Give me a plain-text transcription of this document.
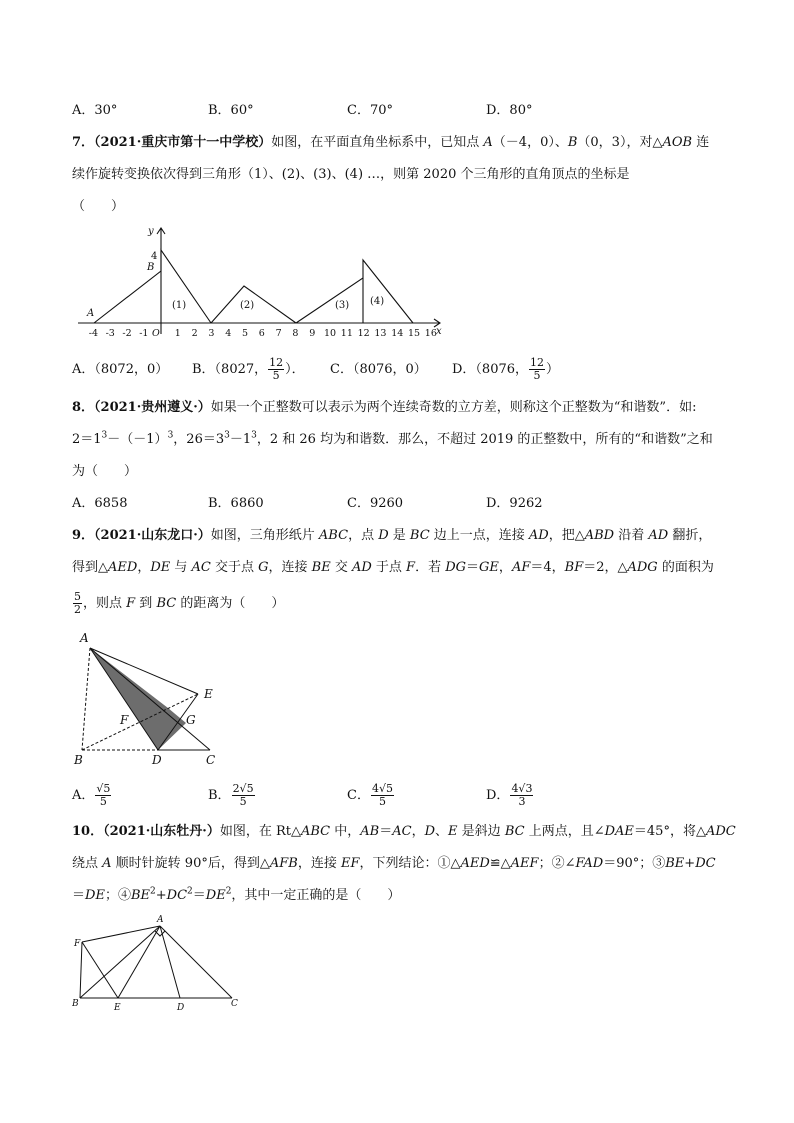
A．30°	B．60°	C．70°	D．80°
7．（2021·重庆市第十一中学校）如图，在平面直角坐标系中，已知点 A（－4，0）、B（0，3），对△AOB 连
续作旋转变换依次得到三角形（1）、(2)、(3)、(4) …，则第 2020 个三角形的直角顶点的坐标是
（　　）
x
y
4
B
A
(1)	(2)	(3) (4)
-4 -3 -2 -1	1 2 3 4 5 6 7 8 9 10 11 12 13 14 15 16
O
A．（8072，0） B．（8027， $\frac{12}{5}$ ）． C．（8076，0） D．（8076， $\frac{12}{5}$ ）
8．（2021·贵州遵义·）如果一个正整数可以表示为两个连续奇数的立方差，则称这个正整数为“和谐数”．如:
$2=1^3-(-1)^3$，$26=3^3-1^3$，2 和 26 均为和谐数．那么，不超过 2019 的正整数中，所有的“和谐数”之和
为（　　）
A．6858	B．6860	C．9260	D．9262
9．（2021·山东龙口·）如图，三角形纸片 ABC，点 D 是 BC 边上一点，连接 AD，把△ABD 沿着 AD 翻折，
得到△AED，DE 与 AC 交于点 G，连接 BE 交 AD 于点 F．若 DG＝GE，AF＝4，BF＝2，△ADG 的面积为
$\frac{5}{2}$ ，则点 F 到 BC 的距离为（　　）
A
E
F	G
B	D	C
A． $\frac{√5}{5}$	B． $\frac{2√5}{5}$	C． $\frac{4√5}{5}$	D． $\frac{4√3}{3}$
10．（2021·山东牡丹·）如图，在 Rt△ABC 中，AB＝AC，D、E 是斜边 BC 上两点，且∠DAE＝45°，将△ADC
绕点 A 顺时针旋转 90°后，得到△AFB，连接 EF，下列结论：①△AED≌△AEF；②∠FAD＝90°；③BE+DC
＝DE；$④BE^2+DC^2=DE^2$，其中一定正确的是（　　）
A
F
B	E	D	C
